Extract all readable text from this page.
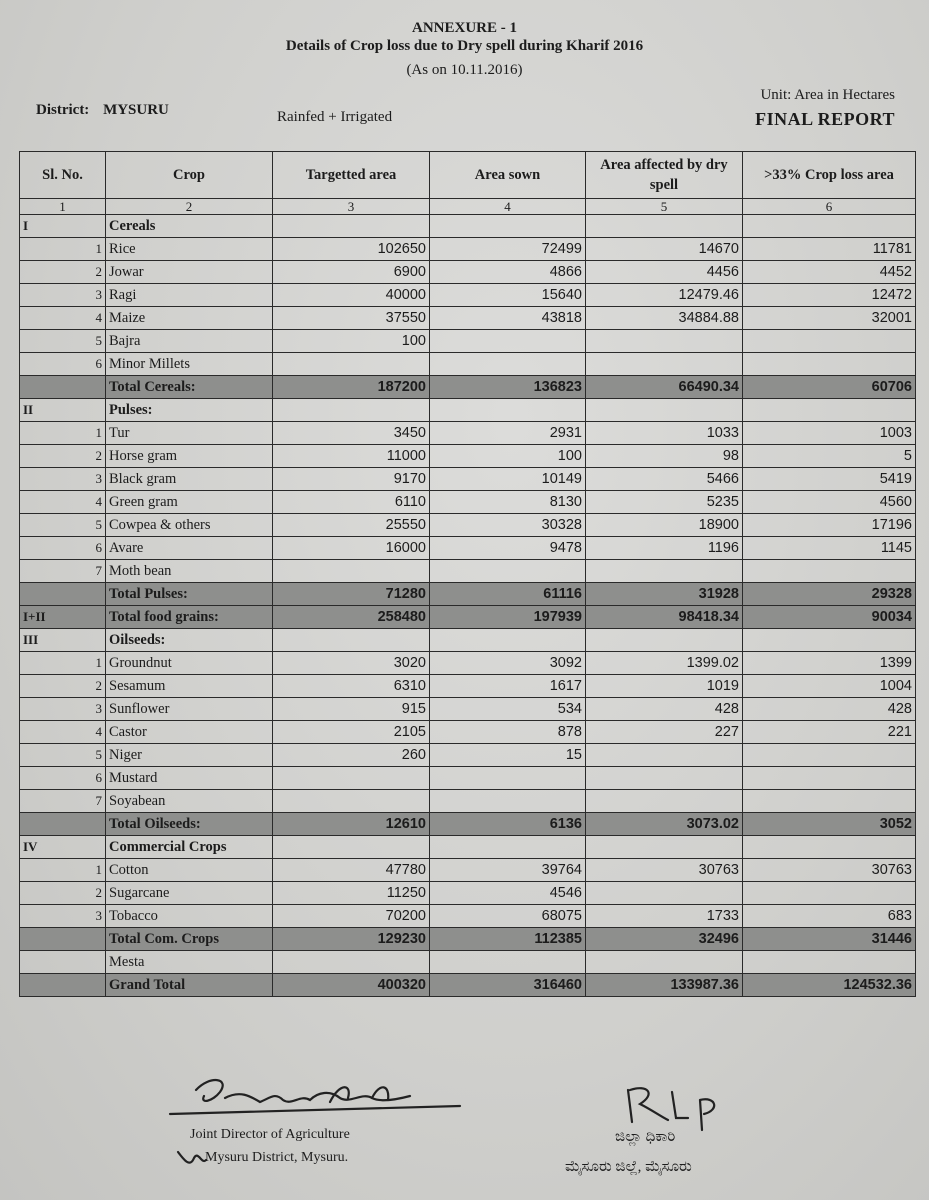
ANNEXURE - 1
Details of Crop loss due to Dry spell during Kharif 2016
(As on 10.11.2016)
District: MYSURU	Rainfed + Irrigated
Unit: Area in Hectares
FINAL REPORT
Sl. No.	Crop	Targetted area	Area sown	Area affected by dry spell	>33% Crop loss area
1	2	3	4	5	6
I	Cereals				
1	Rice	102650	72499	14670	11781
2	Jowar	6900	4866	4456	4452
3	Ragi	40000	15640	12479.46	12472
4	Maize	37550	43818	34884.88	32001
5	Bajra	100			
6	Minor Millets				
	Total Cereals:	187200	136823	66490.34	60706
II	Pulses:				
1	Tur	3450	2931	1033	1003
2	Horse gram	11000	100	98	5
3	Black gram	9170	10149	5466	5419
4	Green gram	6110	8130	5235	4560
5	Cowpea & others	25550	30328	18900	17196
6	Avare	16000	9478	1196	1145
7	Moth bean				
	Total Pulses:	71280	61116	31928	29328
I+II	Total food grains:	258480	197939	98418.34	90034
III	Oilseeds:				
1	Groundnut	3020	3092	1399.02	1399
2	Sesamum	6310	1617	1019	1004
3	Sunflower	915	534	428	428
4	Castor	2105	878	227	221
5	Niger	260	15		
6	Mustard				
7	Soyabean				
	Total Oilseeds:	12610	6136	3073.02	3052
IV	Commercial Crops				
1	Cotton	47780	39764	30763	30763
2	Sugarcane	11250	4546		
3	Tobacco	70200	68075	1733	683
	Total Com. Crops	129230	112385	32496	31446
	Mesta				
	Grand Total	400320	316460	133987.36	124532.36
Joint Director of Agriculture
Mysuru District, Mysuru.
ಜಿಲ್ಲಾ ಧಿಕಾರಿ
ಮೈಸೂರು ಜಿಲ್ಲೆ, ಮೈಸೂರು
